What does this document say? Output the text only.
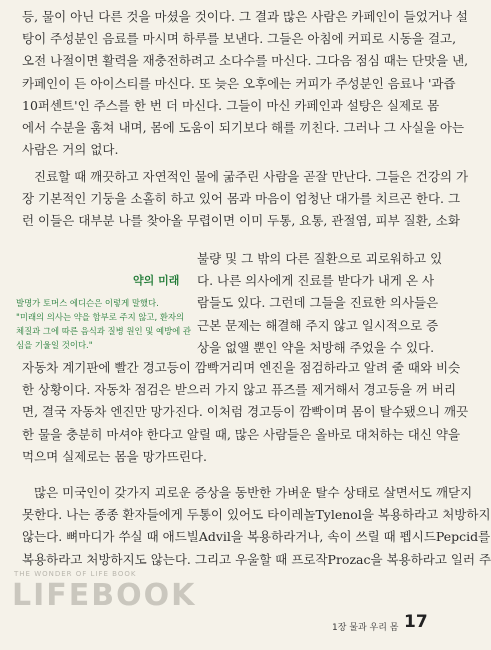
등, 물이 아닌 다른 것을 마셨을 것이다. 그 결과 많은 사람은 카페인이 들었거나 설
탕이 주성분인 음료를 마시며 하루를 보낸다. 그들은 아침에 커피로 시동을 걸고,
오전 나절이면 활력을 재충전하려고 소다수를 마신다. 그다음 점심 때는 단맛을 낸,
카페인이 든 아이스티를 마신다. 또 늦은 오후에는 커피가 주성분인 음료나 '과즙
10퍼센트'인 주스를 한 번 더 마신다. 그들이 마신 카페인과 설탕은 실제로 몸
에서 수분을 훔쳐 내며, 몸에 도움이 되기보다 해를 끼친다. 그러나 그 사실을 아는
사람은 거의 없다.
진료할 때 깨끗하고 자연적인 물에 굶주린 사람을 곧잘 만난다. 그들은 건강의 가
장 기본적인 기둥을 소홀히 하고 있어 몸과 마음이 엄청난 대가를 치르곤 한다. 그
런 이들은 대부분 나를 찾아올 무렵이면 이미 두통, 요통, 관절염, 피부 질환, 소화
약의 미래
발명가 토머스 에디슨은 이렇게 말했다.
"미래의 의사는 약을 함부로 주지 않고, 환자의
체질과 그에 따른 음식과 질병 원인 및 예방에 관
심을 기울일 것이다."
불량 및 그 밖의 다른 질환으로 괴로워하고 있
다. 나른 의사에게 진료를 받다가 내게 온 사
람들도 있다. 그런데 그들을 진료한 의사들은
근본 문제는 해결해 주지 않고 일시적으로 증
상을 없앨 뿐인 약을 처방해 주었을 수 있다.
자동차 계기판에 빨간 경고등이 깜빡거리며 엔진을 점검하라고 알려 줄 때와 비슷
한 상황이다. 자동차 점검은 받으러 가지 않고 퓨즈를 제거해서 경고등을 꺼 버리
면, 결국 자동차 엔진만 망가진다. 이처럼 경고등이 깜빡이며 몸이 탈수됐으니 깨끗
한 물을 충분히 마셔야 한다고 알릴 때, 많은 사람들은 올바로 대처하는 대신 약을
먹으며 실제로는 몸을 망가뜨린다.
많은 미국인이 갖가지 괴로운 증상을 동반한 가벼운 탈수 상태로 살면서도 깨닫지
못한다. 나는 종종 환자들에게 두통이 있어도 타이레놀Tylenol을 복용하라고 처방하지
않는다. 뼈마디가 쑤실 때 애드빌Advil을 복용하라거나, 속이 쓰릴 때 펩시드Pepcid를
복용하라고 처방하지도 않는다. 그리고 우울할 때 프로작Prozac을 복용하라고 일러 주
THE WONDER OF LIFE BOOK
LIFEBOOK
1장 물과 우리 몸 17
